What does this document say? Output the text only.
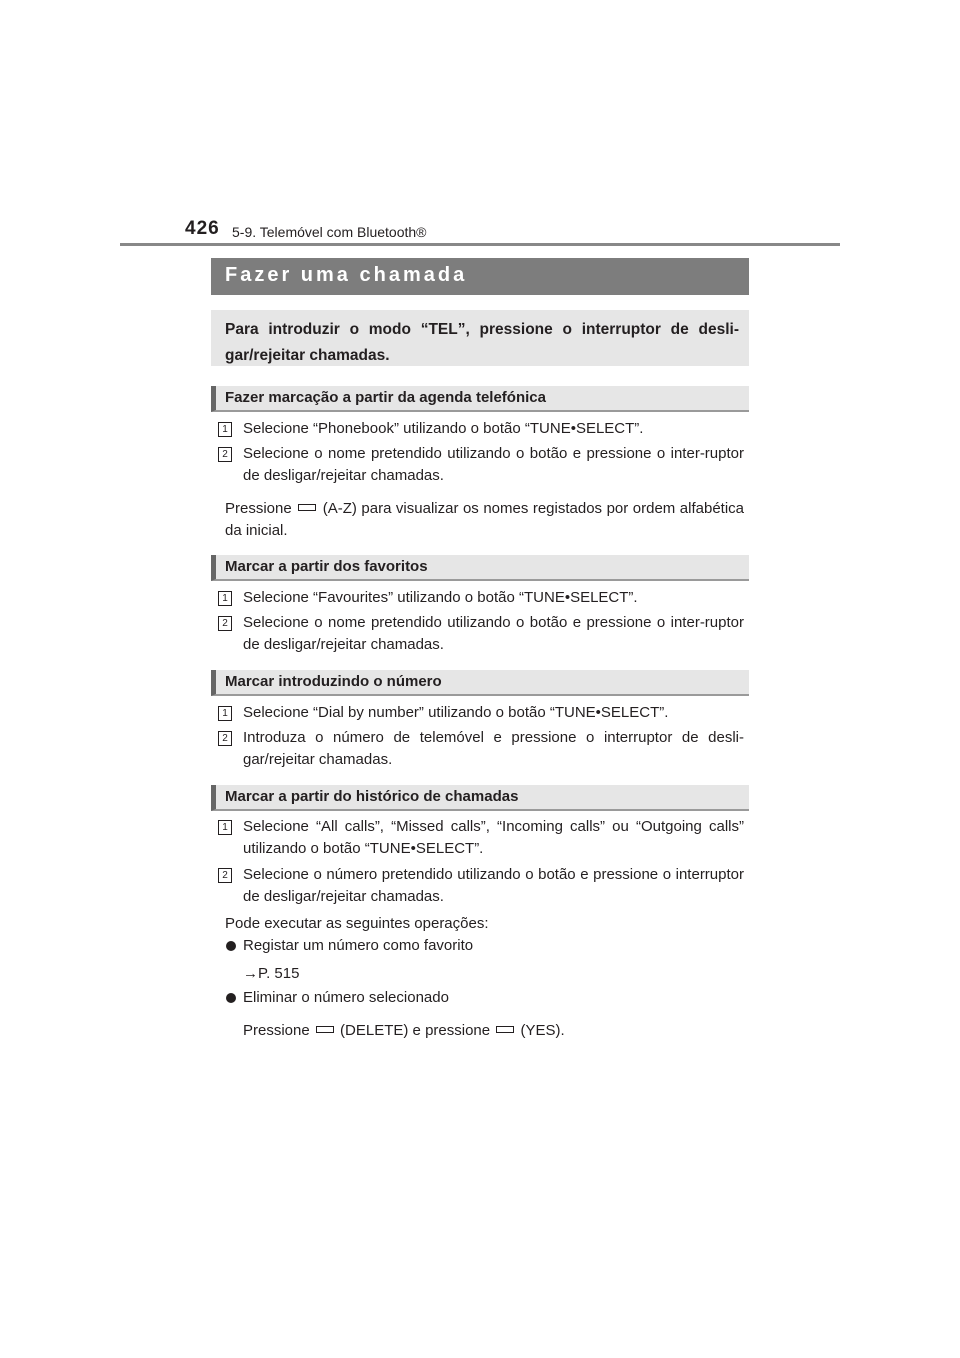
426 5-9. Telemóvel com Bluetooth®
Fazer uma chamada
Para introduzir o modo “TEL”, pressione o interruptor de desli-gar/rejeitar chamadas.
Fazer marcação a partir da agenda telefónica
1 Selecione “Phonebook” utilizando o botão “TUNE•SELECT”.
2 Selecione o nome pretendido utilizando o botão e pressione o inter-ruptor de desligar/rejeitar chamadas.
Pressione (A-Z) para visualizar os nomes registados por ordem alfabética da inicial.
Marcar a partir dos favoritos
1 Selecione “Favourites” utilizando o botão “TUNE•SELECT”.
2 Selecione o nome pretendido utilizando o botão e pressione o inter-ruptor de desligar/rejeitar chamadas.
Marcar introduzindo o número
1 Selecione “Dial by number” utilizando o botão “TUNE•SELECT”.
2 Introduza o número de telemóvel e pressione o interruptor de desli-gar/rejeitar chamadas.
Marcar a partir do histórico de chamadas
1 Selecione “All calls”, “Missed calls”, “Incoming calls” ou “Outgoing calls” utilizando o botão “TUNE•SELECT”.
2 Selecione o número pretendido utilizando o botão e pressione o interruptor de desligar/rejeitar chamadas.
Pode executar as seguintes operações:
Registar um número como favorito
→P. 515
Eliminar o número selecionado
Pressione (DELETE) e pressione (YES).
